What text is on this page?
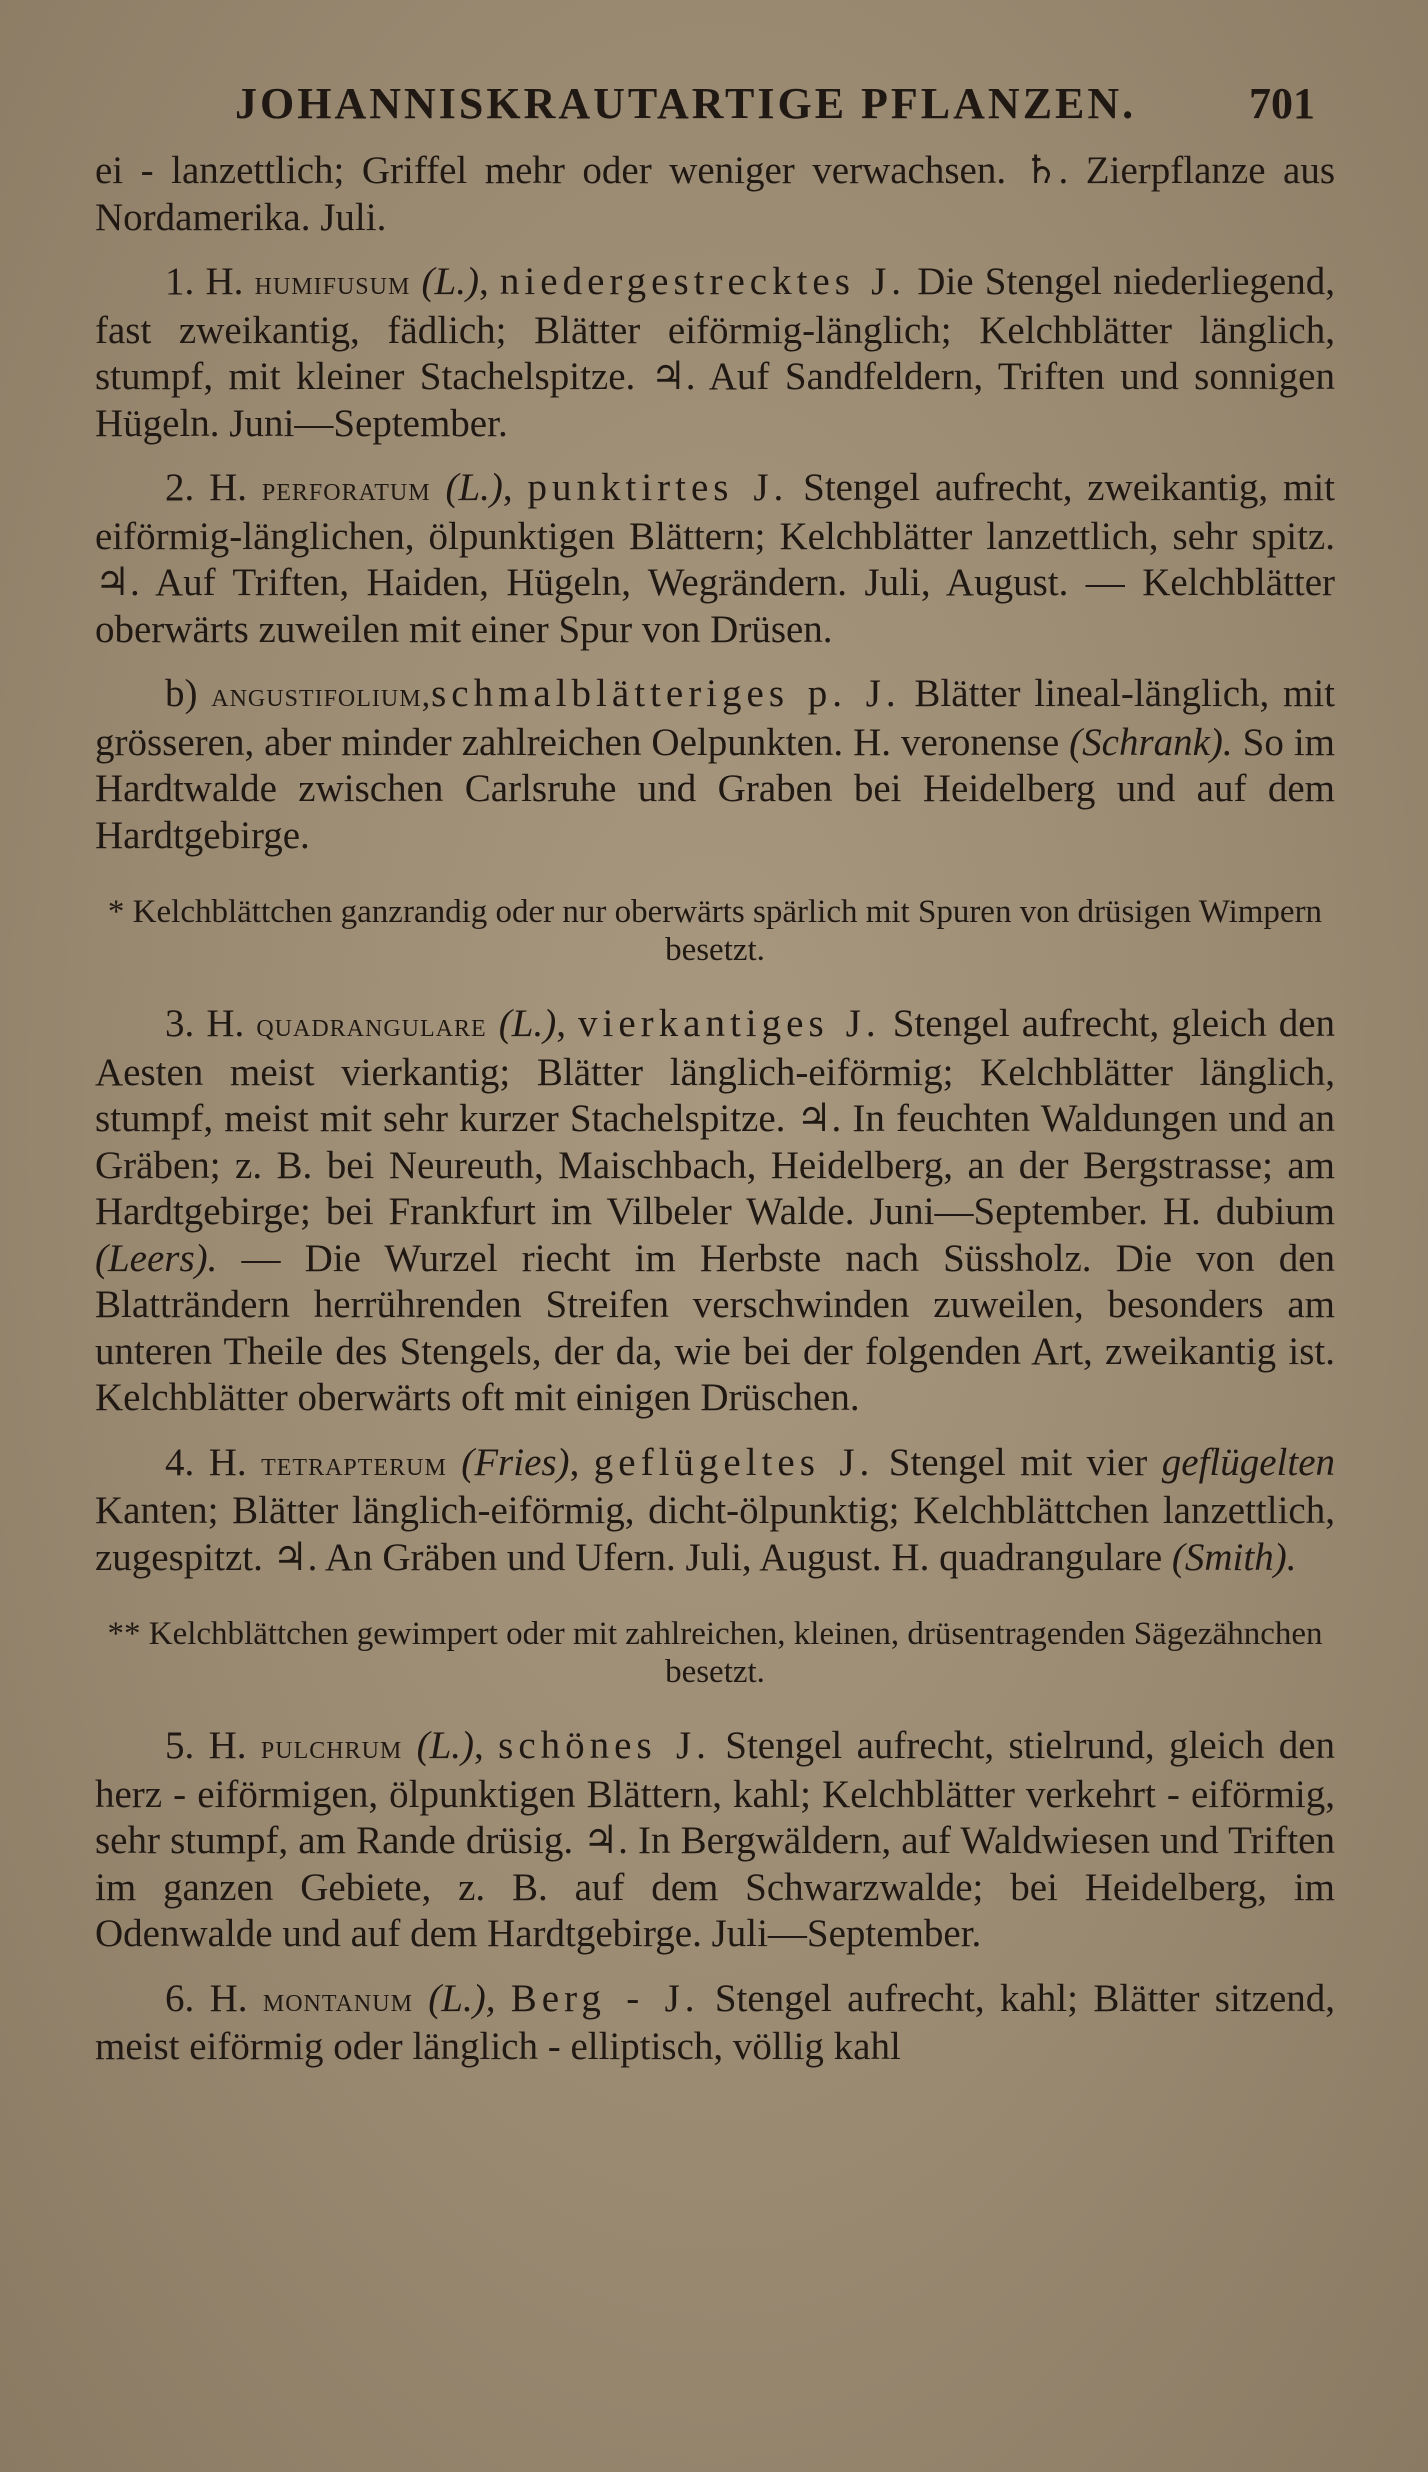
JOHANNISKRAUTARTIGE PFLANZEN.	701

ei - lanzettlich; Griffel mehr oder weniger verwachsen. ♄. Zierpflanze aus Nordamerika. Juli.

1. H. humifusum (L.), niedergestrecktes J. Die Stengel niederliegend, fast zweikantig, fädlich; Blätter eiförmig-länglich; Kelchblätter länglich, stumpf, mit kleiner Stachelspitze. ♃. Auf Sandfeldern, Triften und sonnigen Hügeln. Juni—September.

2. H. perforatum (L.), punktirtes J. Stengel aufrecht, zweikantig, mit eiförmig-länglichen, ölpunktigen Blättern; Kelchblätter lanzettlich, sehr spitz. ♃. Auf Triften, Haiden, Hügeln, Wegrändern. Juli, August. — Kelchblätter oberwärts zuweilen mit einer Spur von Drüsen.

b) angustifolium,schmalblätteriges p. J. Blätter lineal-länglich, mit grösseren, aber minder zahlreichen Oelpunkten. H. veronense (Schrank). So im Hardtwalde zwischen Carlsruhe und Graben bei Heidelberg und auf dem Hardtgebirge.

* Kelchblättchen ganzrandig oder nur oberwärts spärlich mit Spuren von drüsigen Wimpern besetzt.

3. H. quadrangulare (L.), vierkantiges J. Stengel aufrecht, gleich den Aesten meist vierkantig; Blätter länglich-eiförmig; Kelchblätter länglich, stumpf, meist mit sehr kurzer Stachelspitze. ♃. In feuchten Waldungen und an Gräben; z. B. bei Neureuth, Maischbach, Heidelberg, an der Bergstrasse; am Hardtgebirge; bei Frankfurt im Vilbeler Walde. Juni—September. H. dubium (Leers). — Die Wurzel riecht im Herbste nach Süssholz. Die von den Blatträndern herrührenden Streifen verschwinden zuweilen, besonders am unteren Theile des Stengels, der da, wie bei der folgenden Art, zweikantig ist. Kelchblätter oberwärts oft mit einigen Drüschen.

4. H. tetrapterum (Fries), geflügeltes J. Stengel mit vier geflügelten Kanten; Blätter länglich-eiförmig, dicht-ölpunktig; Kelchblättchen lanzettlich, zugespitzt. ♃. An Gräben und Ufern. Juli, August. H. quadrangulare (Smith).

** Kelchblättchen gewimpert oder mit zahlreichen, kleinen, drüsentragenden Sägezähnchen besetzt.

5. H. pulchrum (L.), schönes J. Stengel aufrecht, stielrund, gleich den herz - eiförmigen, ölpunktigen Blättern, kahl; Kelchblätter verkehrt - eiförmig, sehr stumpf, am Rande drüsig. ♃. In Bergwäldern, auf Waldwiesen und Triften im ganzen Gebiete, z. B. auf dem Schwarzwalde; bei Heidelberg, im Odenwalde und auf dem Hardtgebirge. Juli—September.

6. H. montanum (L.), Berg - J. Stengel aufrecht, kahl; Blätter sitzend, meist eiförmig oder länglich - elliptisch, völlig kahl
